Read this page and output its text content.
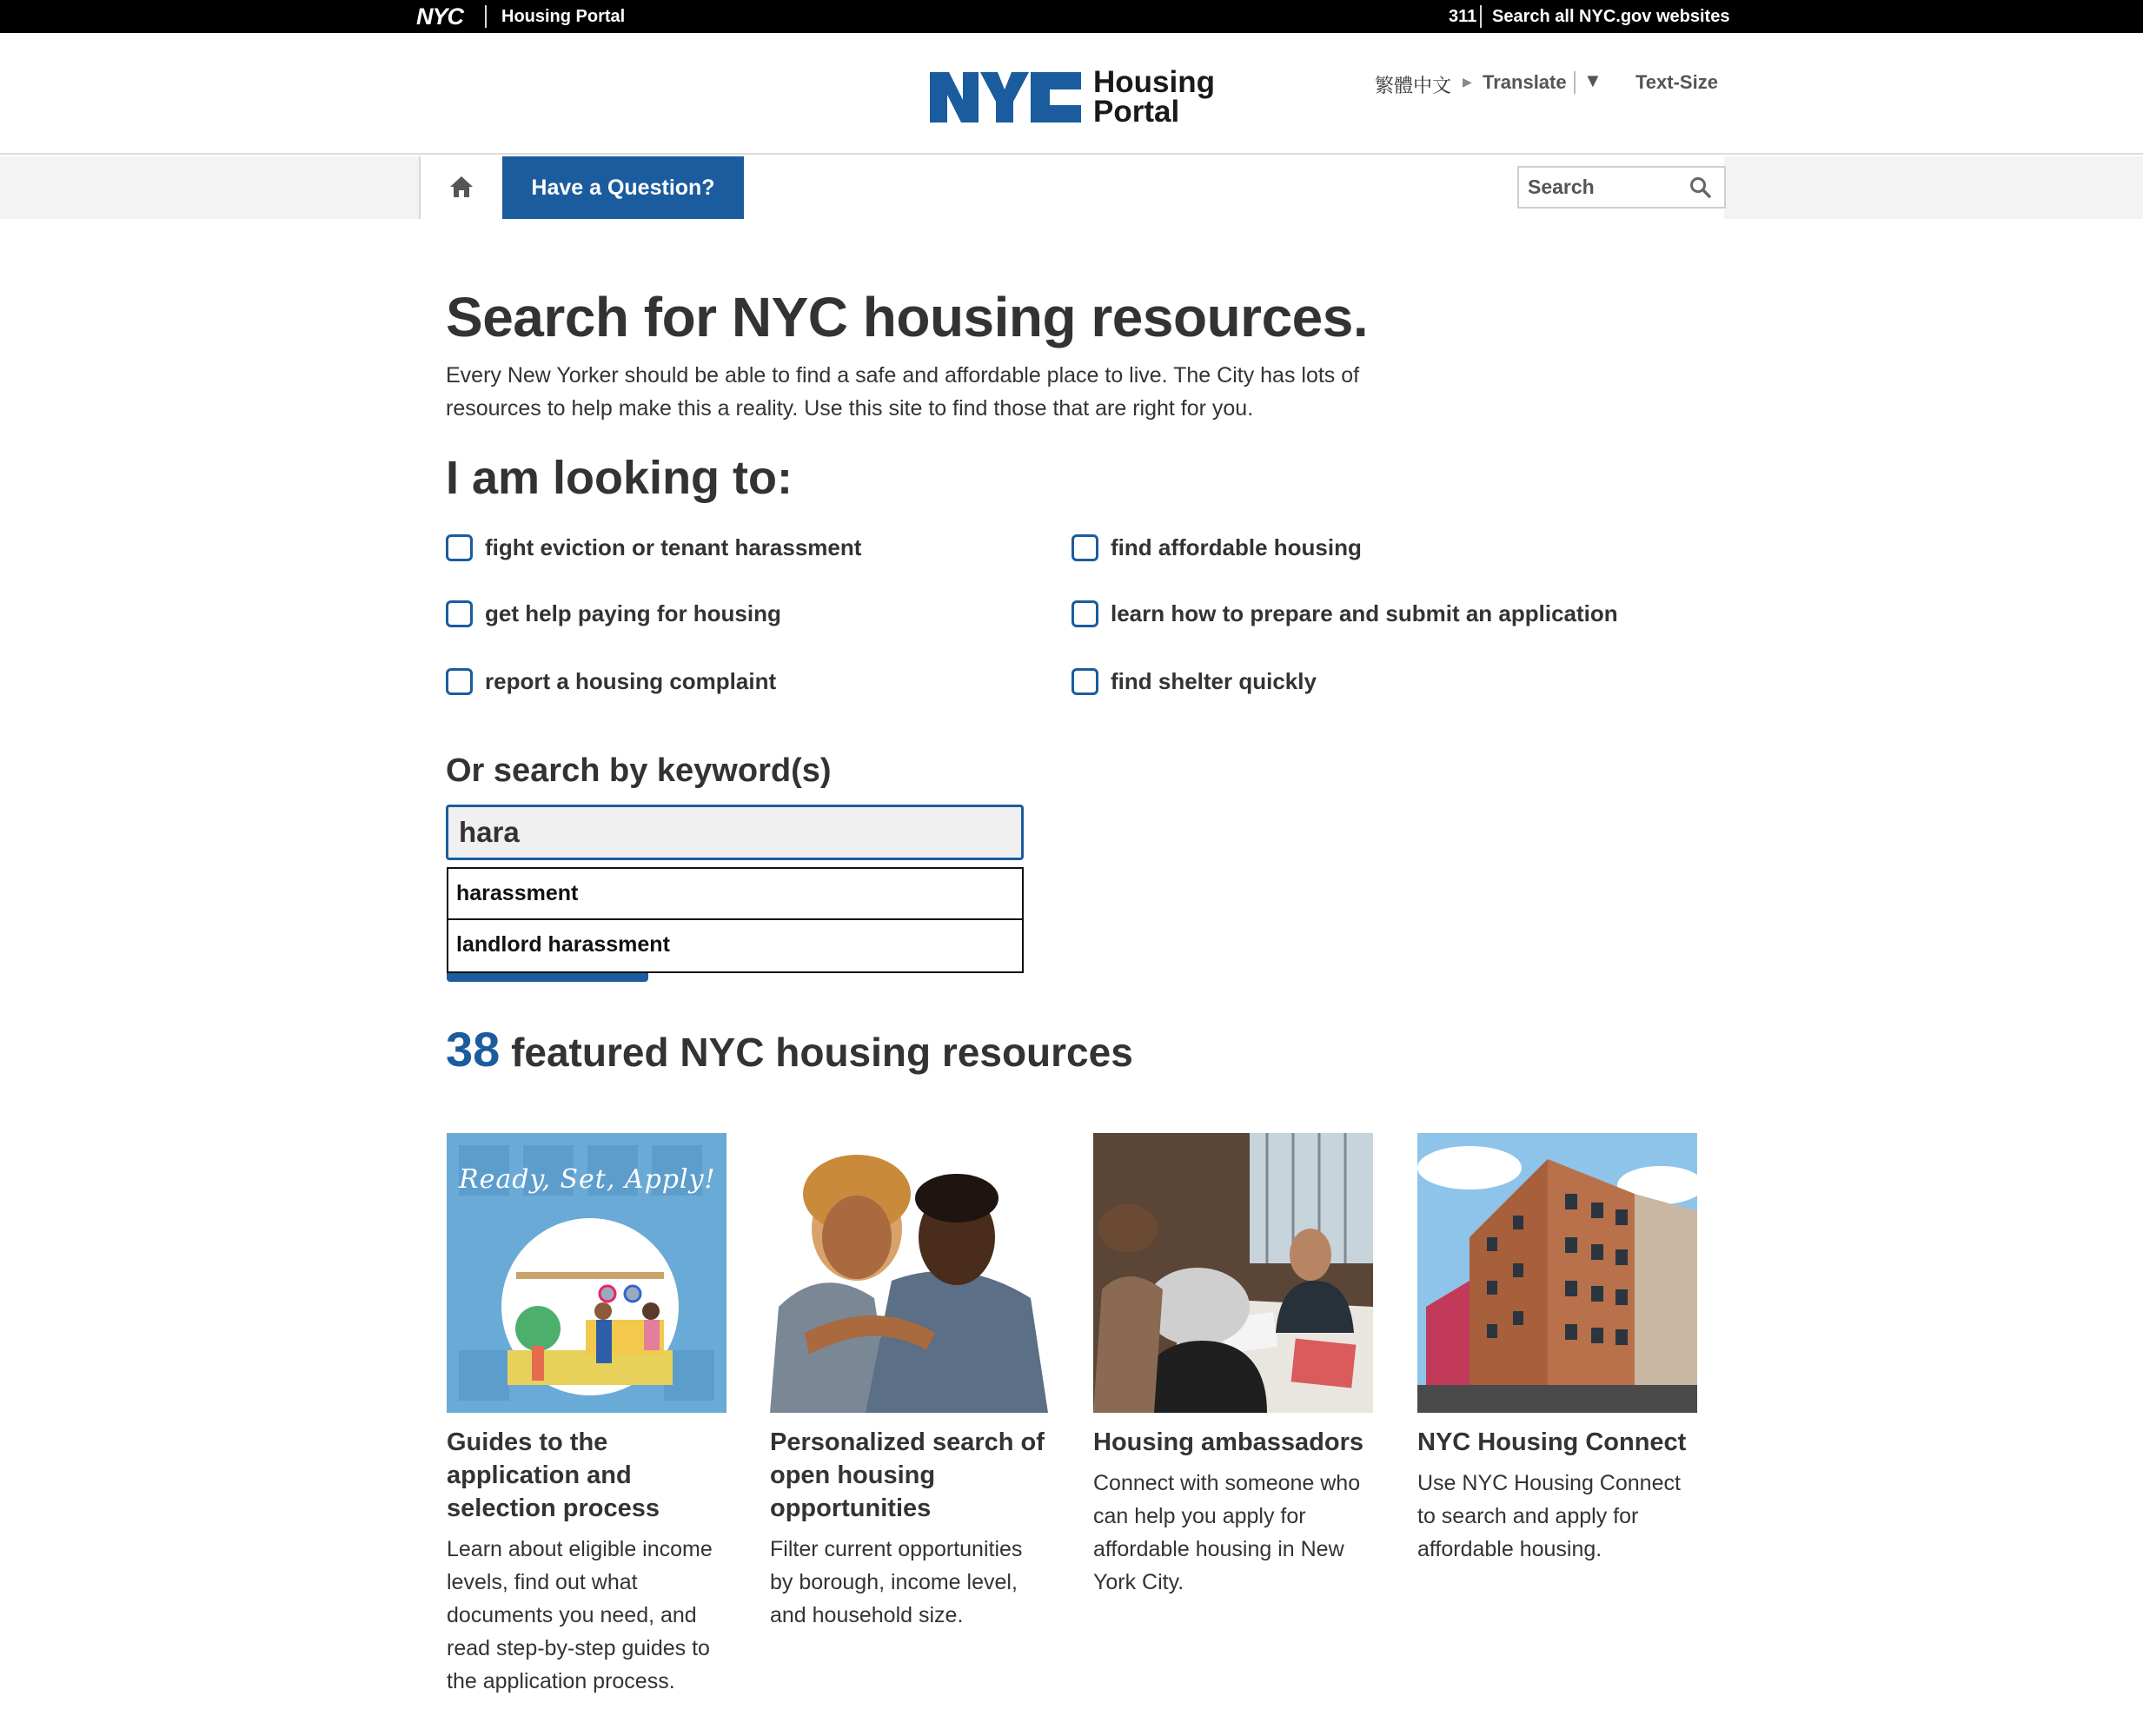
NYC Housing Portal	311 Search all NYC.gov websites
Housing
Portal
繁體中文 ▶ Translate ▼ Text-Size
Have a Question?
Search
Search for NYC housing resources.

Every New Yorker should be able to find a safe and affordable place to live. The City has lots of resources to help make this a reality. Use this site to find those that are right for you.

I am looking to:
fight eviction or tenant harassment	find affordable housing
get help paying for housing	learn how to prepare and submit an application
report a housing complaint	find shelter quickly
Or search by keyword(s)
hara
harassment
landlord harassment
38 featured NYC housing resources
Ready, Set, Apply!
Guides to the application and selection process
Learn about eligible income levels, find out what documents you need, and read step-by-step guides to the application process.
Personalized search of open housing opportunities
Filter current opportunities by borough, income level, and household size.
Housing ambassadors
Connect with someone who can help you apply for affordable housing in New York City.
NYC Housing Connect
Use NYC Housing Connect to search and apply for affordable housing.
